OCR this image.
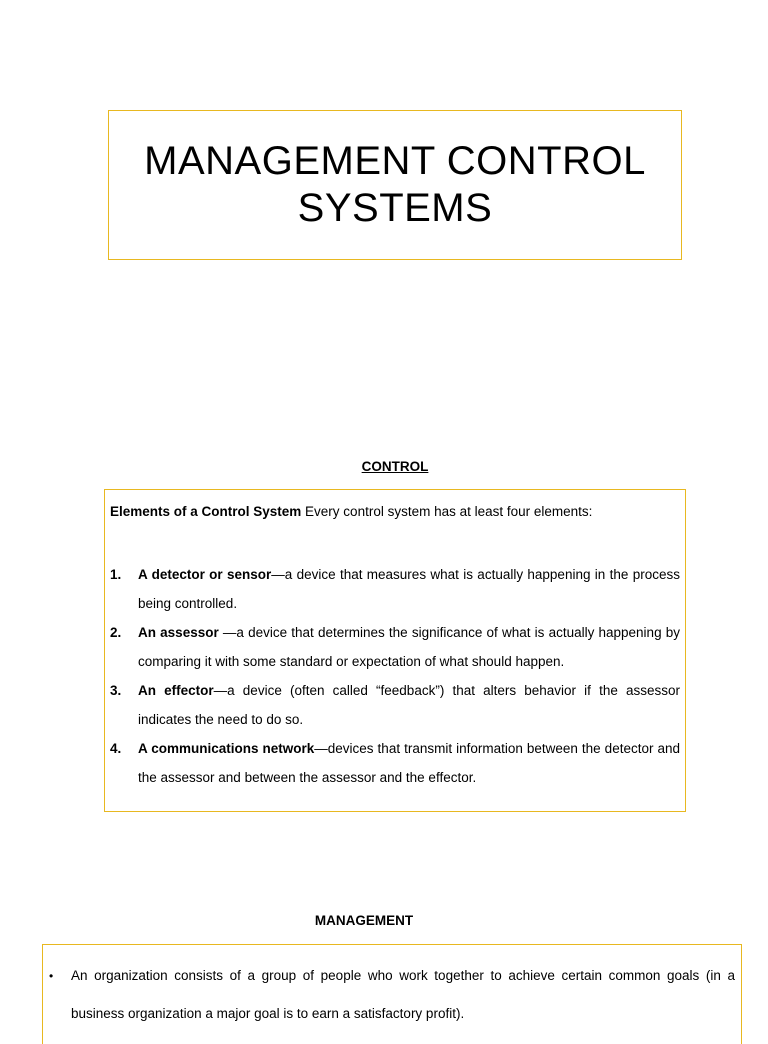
MANAGEMENT CONTROL
SYSTEMS
CONTROL
Elements of a Control System Every control system has at least four elements:
1.	A detector or sensor—a device that measures what is actually happening in the process being controlled.
2.	An assessor —a device that determines the significance of what is actually happening by comparing it with some standard or expectation of what should happen.
3.	An effector—a device (often called “feedback”) that alters behavior if the assessor indicates the need to do so.
4.	A communications network—devices that transmit information between the detector and the assessor and between the assessor and the effector.
MANAGEMENT
•	An organization consists of a group of people who work together to achieve certain common goals (in a business organization a major goal is to earn a satisfactory profit).
